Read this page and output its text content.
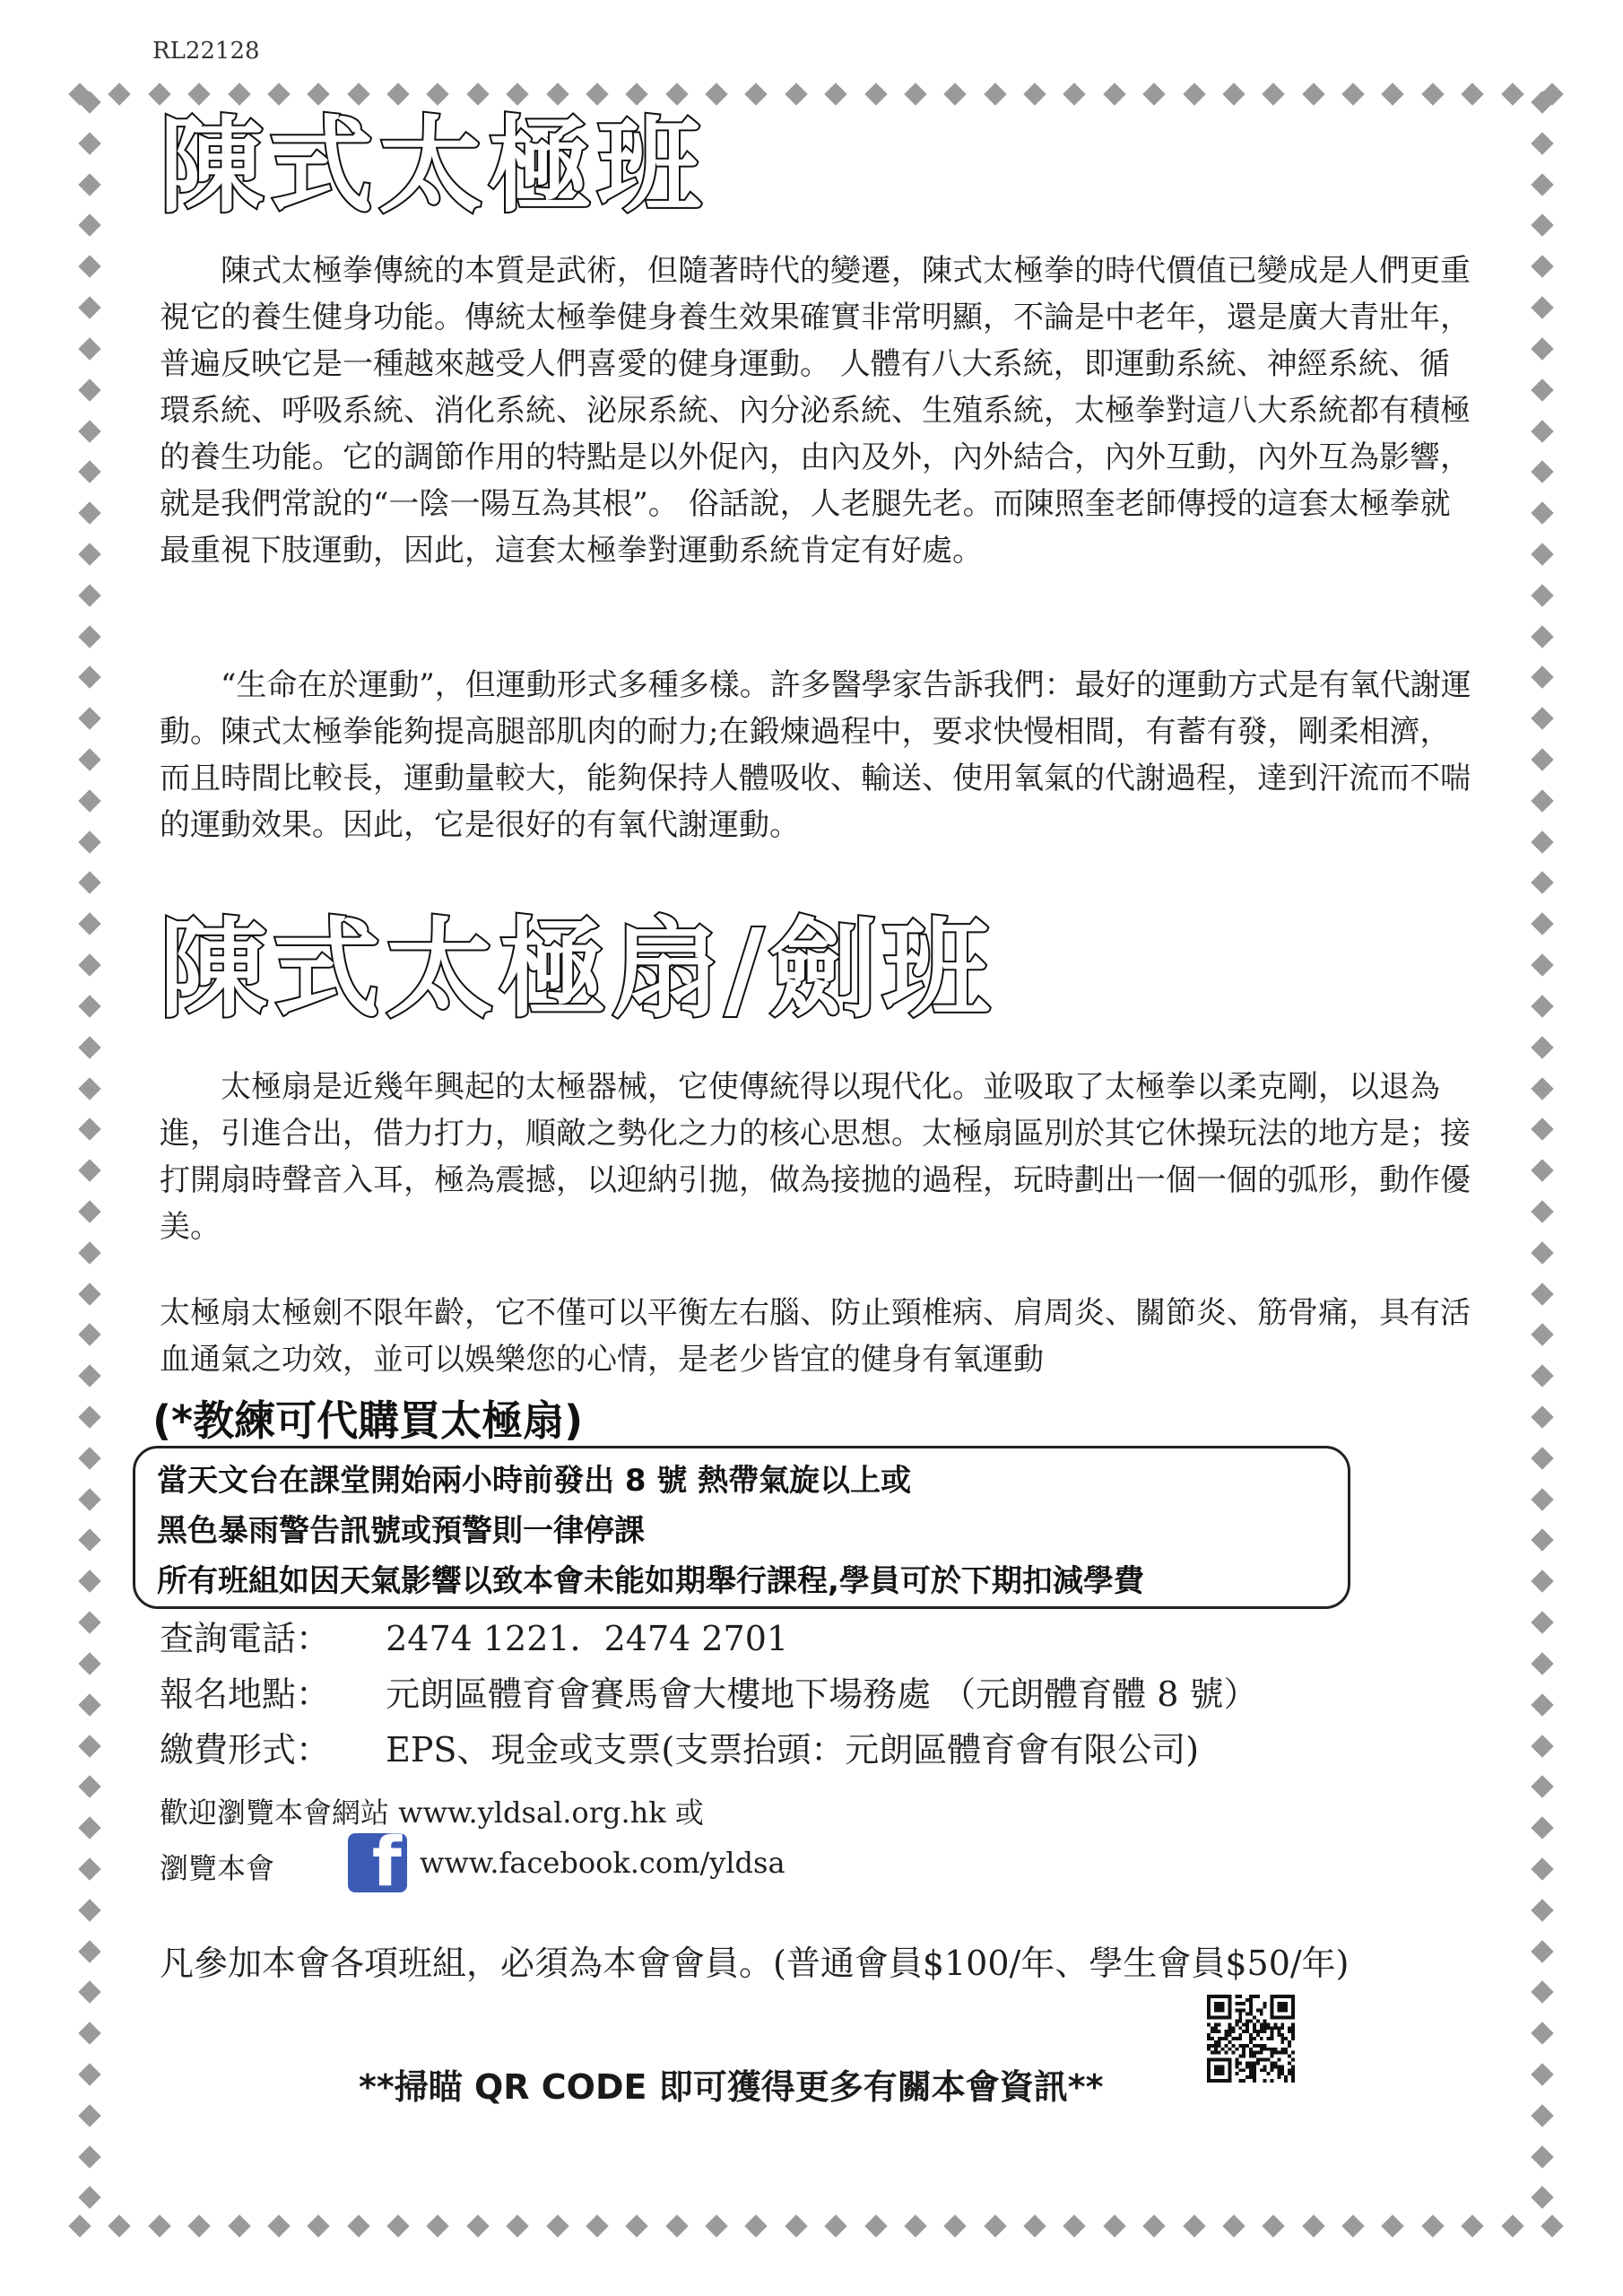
RL22128
陳式太極班

陳式太極拳傳統的本質是武術，但隨著時代的變遷，陳式太極拳的時代價值已變成是人們更重視它的養生健身功能。傳統太極拳健身養生效果確實非常明顯，不論是中老年，還是廣大青壯年，普遍反映它是一種越來越受人們喜愛的健身運動。 人體有八大系統，即運動系統、神經系統、循環系統、呼吸系統、消化系統、泌尿系統、內分泌系統、生殖系統，太極拳對這八大系統都有積極的養生功能。它的調節作用的特點是以外促內，由內及外，內外結合，內外互動，內外互為影響，就是我們常說的“一陰一陽互為其根”。 俗話說，人老腿先老。而陳照奎老師傳授的這套太極拳就最重視下肢運動，因此，這套太極拳對運動系統肯定有好處。

“生命在於運動”，但運動形式多種多樣。許多醫學家告訴我們：最好的運動方式是有氧代謝運動。陳式太極拳能夠提高腿部肌肉的耐力;在鍛煉過程中，要求快慢相間，有蓄有發，剛柔相濟，而且時間比較長，運動量較大，能夠保持人體吸收、輸送、使用氧氣的代謝過程，達到汗流而不喘的運動效果。因此，它是很好的有氧代謝運動。

陳式太極扇/劍班

太極扇是近幾年興起的太極器械，它使傳統得以現代化。並吸取了太極拳以柔克剛，以退為進，引進合出，借力打力，順敵之勢化之力的核心思想。太極扇區別於其它休操玩法的地方是；接打開扇時聲音入耳，極為震撼，以迎納引拋，做為接拋的過程，玩時劃出一個一個的弧形，動作優美。

太極扇太極劍不限年齡，它不僅可以平衡左右腦、防止頸椎病、肩周炎、關節炎、筋骨痛，具有活血通氣之功效，並可以娛樂您的心情，是老少皆宜的健身有氧運動

(*教練可代購買太極扇)
當天文台在課堂開始兩小時前發出 8 號 熱帶氣旋以上或
黑色暴雨警告訊號或預警則一律停課
所有班組如因天氣影響以致本會未能如期舉行課程,學員可於下期扣減學費
查詢電話： 2474 1221．2474 2701
報名地點： 元朗區體育會賽馬會大樓地下場務處 （元朗體育體 8 號）
繳費形式： EPS、現金或支票(支票抬頭：元朗區體育會有限公司)
歡迎瀏覽本會網站 www.yldsal.org.hk 或
瀏覽本會 f www.facebook.com/yldsa
凡參加本會各項班組，必須為本會會員。(普通會員$100/年、學生會員$50/年)
**掃瞄 QR CODE 即可獲得更多有關本會資訊**
